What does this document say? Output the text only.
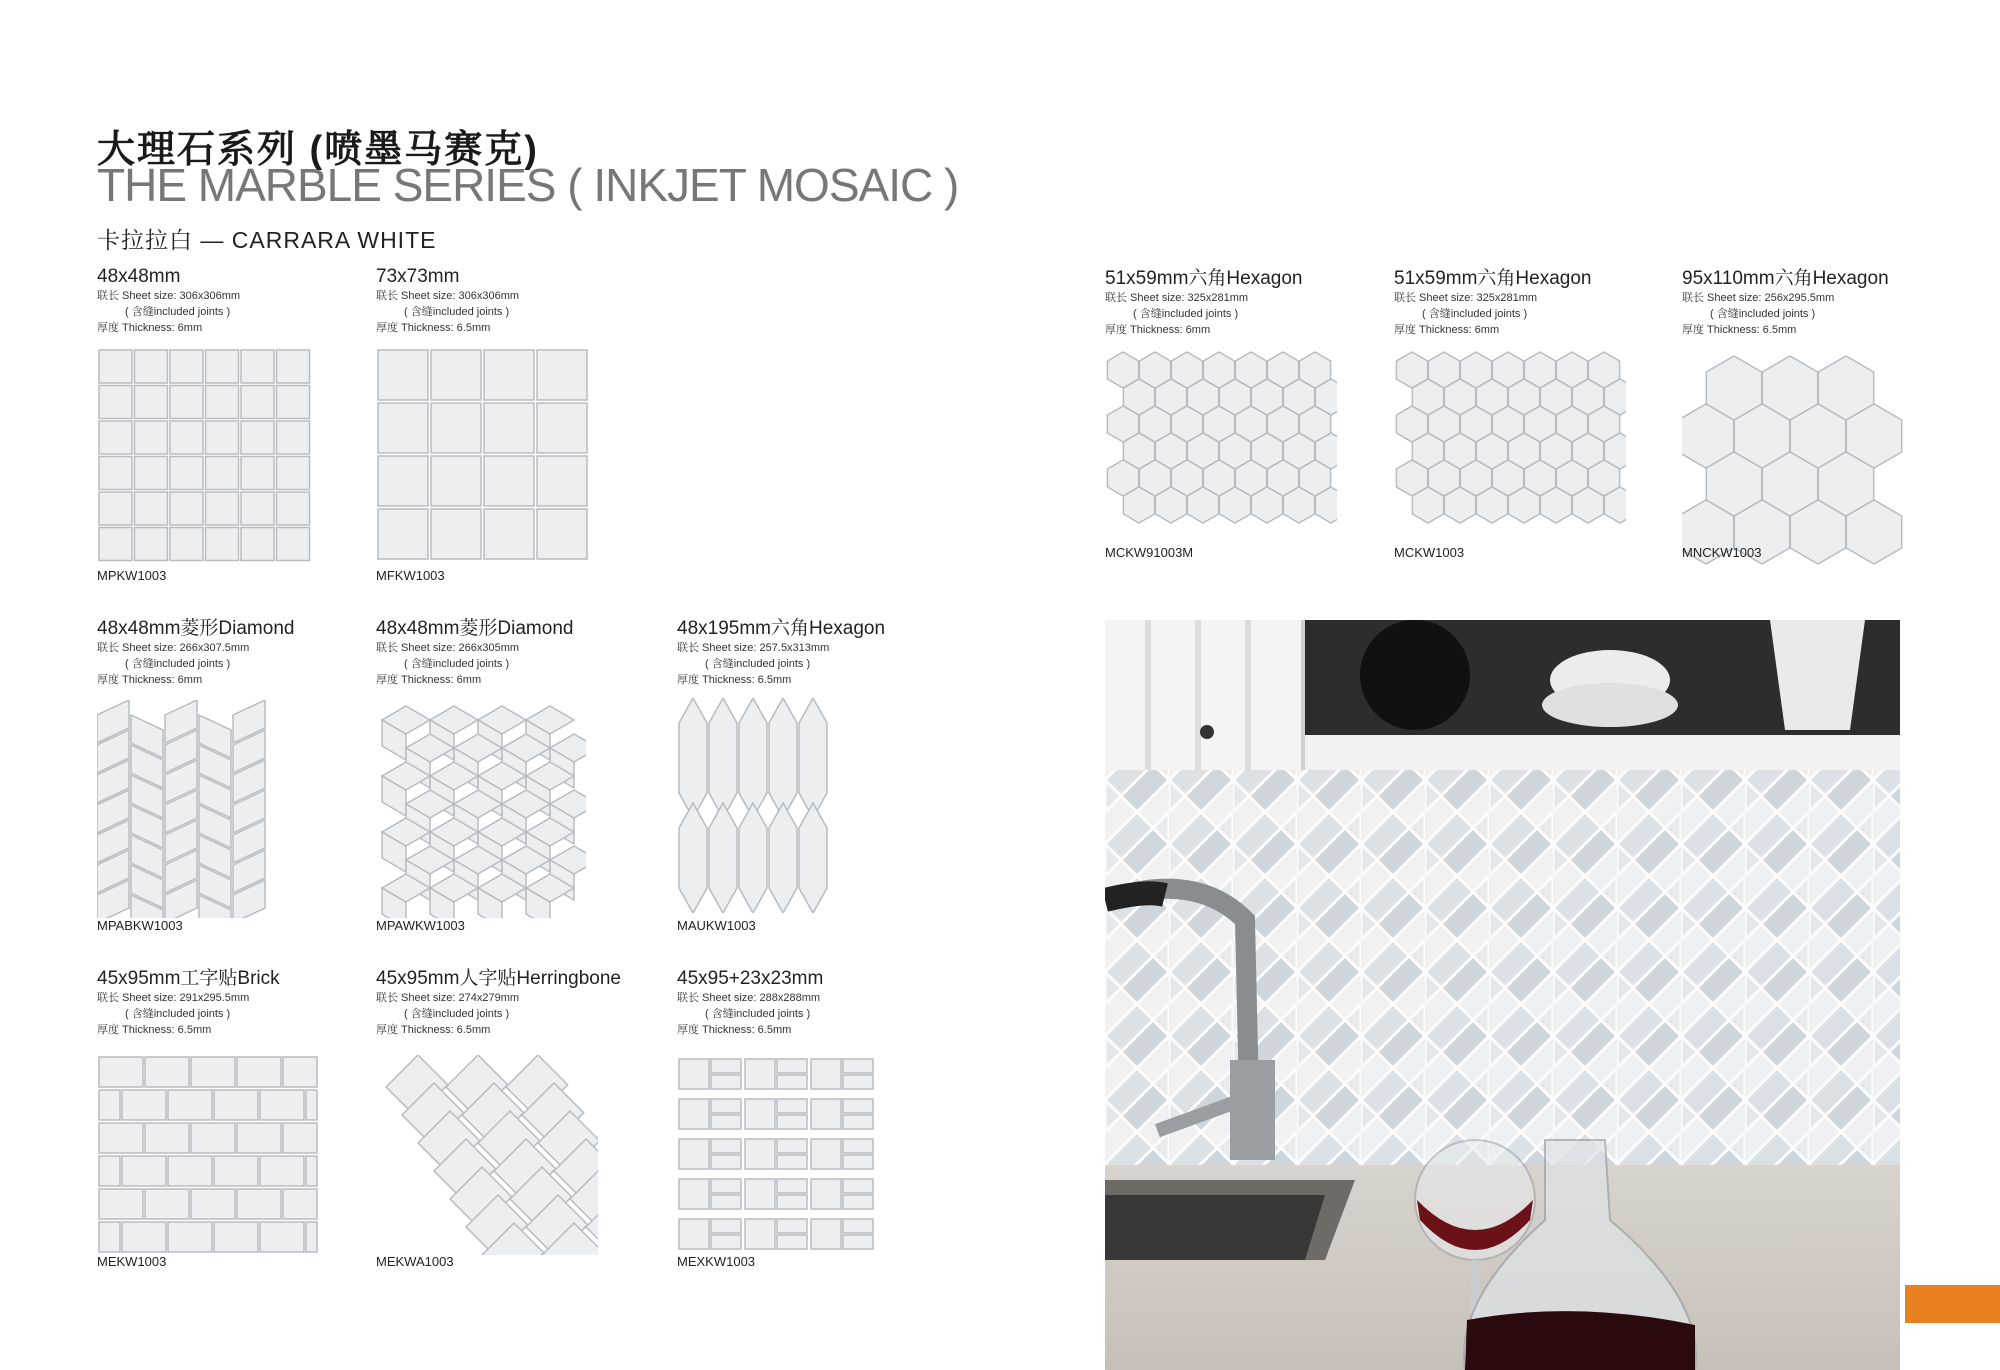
大理石系列 (喷墨马赛克)
THE MARBLE SERIES ( INKJET MOSAIC )
卡拉拉白 — CARRARA WHITE
48x48mm
联长 Sheet size: 306x306mm
( 含缝included joints )
厚度 Thickness: 6mm
MPKW1003
73x73mm
联长 Sheet size: 306x306mm
( 含缝included joints )
厚度 Thickness: 6.5mm
MFKW1003
51x59mm六角Hexagon
联长 Sheet size: 325x281mm
( 含缝included joints )
厚度 Thickness: 6mm
MCKW91003M
51x59mm六角Hexagon
联长 Sheet size: 325x281mm
( 含缝included joints )
厚度 Thickness: 6mm
MCKW1003
95x110mm六角Hexagon
联长 Sheet size: 256x295.5mm
( 含缝included joints )
厚度 Thickness: 6.5mm
MNCKW1003
48x48mm菱形Diamond
联长 Sheet size: 266x307.5mm
( 含缝included joints )
厚度 Thickness: 6mm
MPABKW1003
48x48mm菱形Diamond
联长 Sheet size: 266x305mm
( 含缝included joints )
厚度 Thickness: 6mm
MPAWKW1003
48x195mm六角Hexagon
联长 Sheet size: 257.5x313mm
( 含缝included joints )
厚度 Thickness: 6.5mm
MAUKW1003
45x95mm工字贴Brick
联长 Sheet size: 291x295.5mm
( 含缝included joints )
厚度 Thickness: 6.5mm
MEKW1003
45x95mm人字贴Herringbone
联长 Sheet size: 274x279mm
( 含缝included joints )
厚度 Thickness: 6.5mm
MEKWA1003
45x95+23x23mm
联长 Sheet size: 288x288mm
( 含缝included joints )
厚度 Thickness: 6.5mm
MEXKW1003
